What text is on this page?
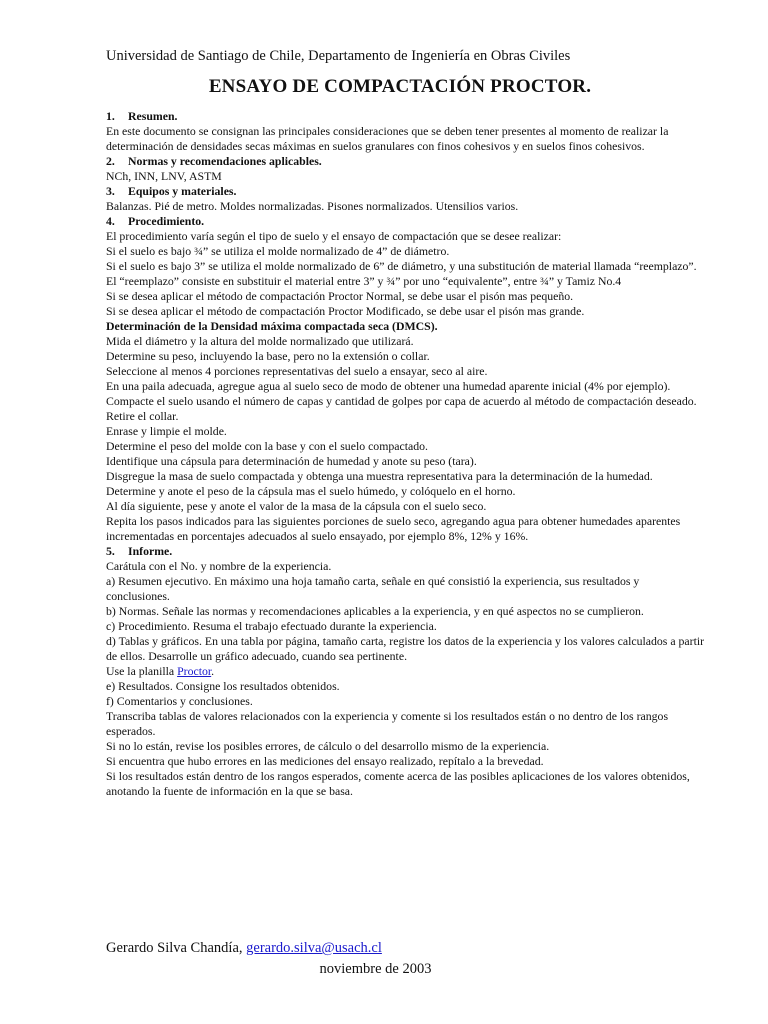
Universidad de Santiago de Chile, Departamento de Ingeniería en Obras Civiles
ENSAYO DE COMPACTACIÓN PROCTOR.
1. Resumen.
En este documento se consignan las principales consideraciones que se deben tener presentes al momento de realizar la determinación de densidades secas máximas en suelos granulares con finos cohesivos y en suelos finos cohesivos.
2. Normas y recomendaciones aplicables.
NCh, INN, LNV, ASTM
3. Equipos y materiales.
Balanzas. Pié de metro. Moldes normalizadas. Pisones normalizados. Utensilios varios.
4. Procedimiento.
El procedimiento varía según el tipo de suelo y el ensayo de compactación que se desee realizar:
Si el suelo es bajo ¾” se utiliza el molde normalizado de 4” de diámetro.
Si el suelo es bajo 3” se utiliza el molde normalizado de 6” de diámetro, y una substitución de material llamada “reemplazo”.
El “reemplazo” consiste en substituir el material entre 3” y ¾” por uno “equivalente”, entre ¾” y Tamiz No.4
Si se desea aplicar el método de compactación Proctor Normal, se debe usar el pisón mas pequeño.
Si se desea aplicar el método de compactación Proctor Modificado, se debe usar el pisón mas grande.
Determinación de la Densidad máxima compactada seca (DMCS).
Mida el diámetro y la altura del molde normalizado que utilizará.
Determine su peso, incluyendo la base, pero no la extensión o collar.
Seleccione al menos 4 porciones representativas del suelo a ensayar, seco al aire.
En una paila adecuada, agregue agua al suelo seco de modo de obtener una humedad aparente inicial (4% por ejemplo).
Compacte el suelo usando el número de capas y cantidad de golpes por capa de acuerdo al método de compactación deseado.
Retire el collar.
Enrase y limpie el molde.
Determine el peso del molde con la base y con el suelo compactado.
Identifique una cápsula para determinación de humedad y anote su peso (tara).
Disgregue la masa de suelo compactada y obtenga una muestra representativa para la determinación de la humedad.
Determine y anote el peso de la cápsula mas el suelo húmedo, y colóquelo en el horno.
Al día siguiente, pese y anote el valor de la masa de la cápsula con el suelo seco.
Repita los pasos indicados para las siguientes porciones de suelo seco, agregando agua para obtener humedades aparentes incrementadas en porcentajes adecuados al suelo ensayado, por ejemplo 8%, 12% y 16%.
5. Informe.
Carátula con el No. y nombre de la experiencia.
a) Resumen ejecutivo. En máximo una hoja tamaño carta, señale en qué consistió la experiencia, sus resultados y conclusiones.
b) Normas. Señale las normas y recomendaciones aplicables a la experiencia, y en qué aspectos no se cumplieron.
c) Procedimiento. Resuma el trabajo efectuado durante la experiencia.
d) Tablas y gráficos. En una tabla por página, tamaño carta, registre los datos de la experiencia y los valores calculados a partir de ellos. Desarrolle un gráfico adecuado, cuando sea pertinente.
Use la planilla Proctor.
e) Resultados. Consigne los resultados obtenidos.
f) Comentarios y conclusiones.
Transcriba tablas de valores relacionados con la experiencia y comente si los resultados están o no dentro de los rangos esperados.
Si no lo están, revise los posibles errores, de cálculo o del desarrollo mismo de la experiencia.
Si encuentra que hubo errores en las mediciones del ensayo realizado, repítalo a la brevedad.
Si los resultados están dentro de los rangos esperados, comente acerca de las posibles aplicaciones de los valores obtenidos, anotando la fuente de información en la que se basa.
Gerardo Silva Chandía, gerardo.silva@usach.cl
noviembre de 2003
